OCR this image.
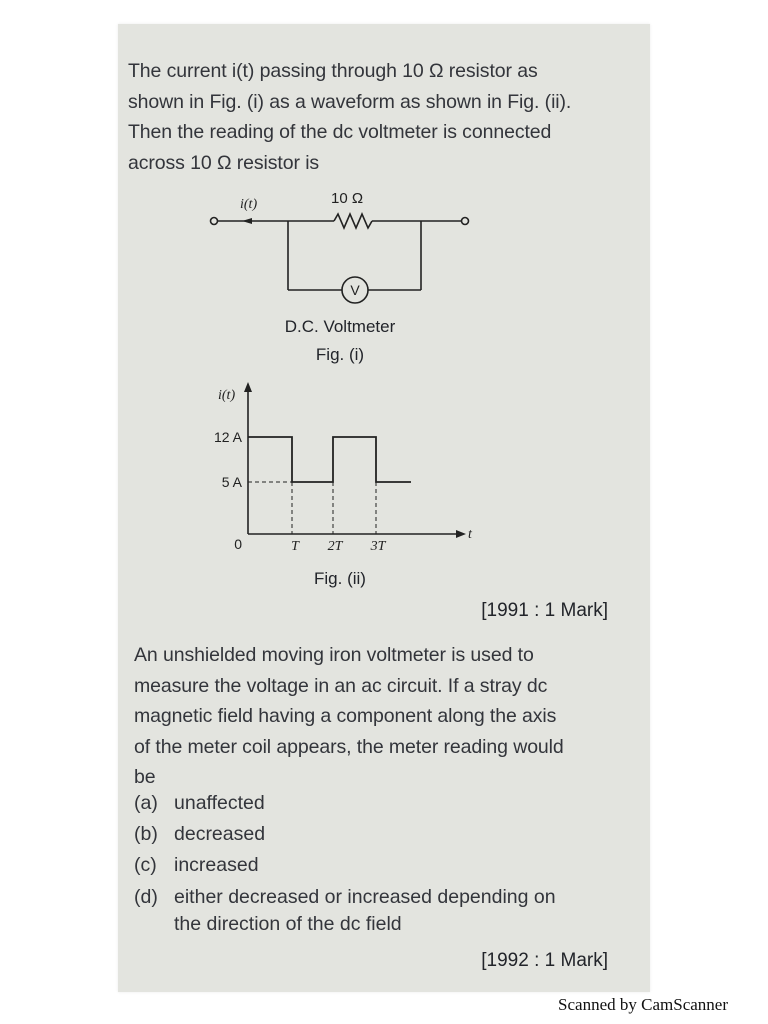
The current i(t) passing through 10 Ω resistor as
shown in Fig. (i) as a waveform as shown in Fig. (ii).
Then the reading of the dc voltmeter is connected
across 10 Ω resistor is
i(t)	10 Ω
V
D.C. Voltmeter
Fig. (i)
i(t)
t
12 A
5 A
0	T 2T 3T
Fig. (ii)
[1991 : 1 Mark]
An unshielded moving iron voltmeter is used to
measure the voltage in an ac circuit. If a stray dc
magnetic field having a component along the axis
of the meter coil appears, the meter reading would
be
(a) unaffected
(b) decreased
(c) increased
(d) either decreased or increased depending on
the direction of the dc field
[1992 : 1 Mark]
Scanned by CamScanner
